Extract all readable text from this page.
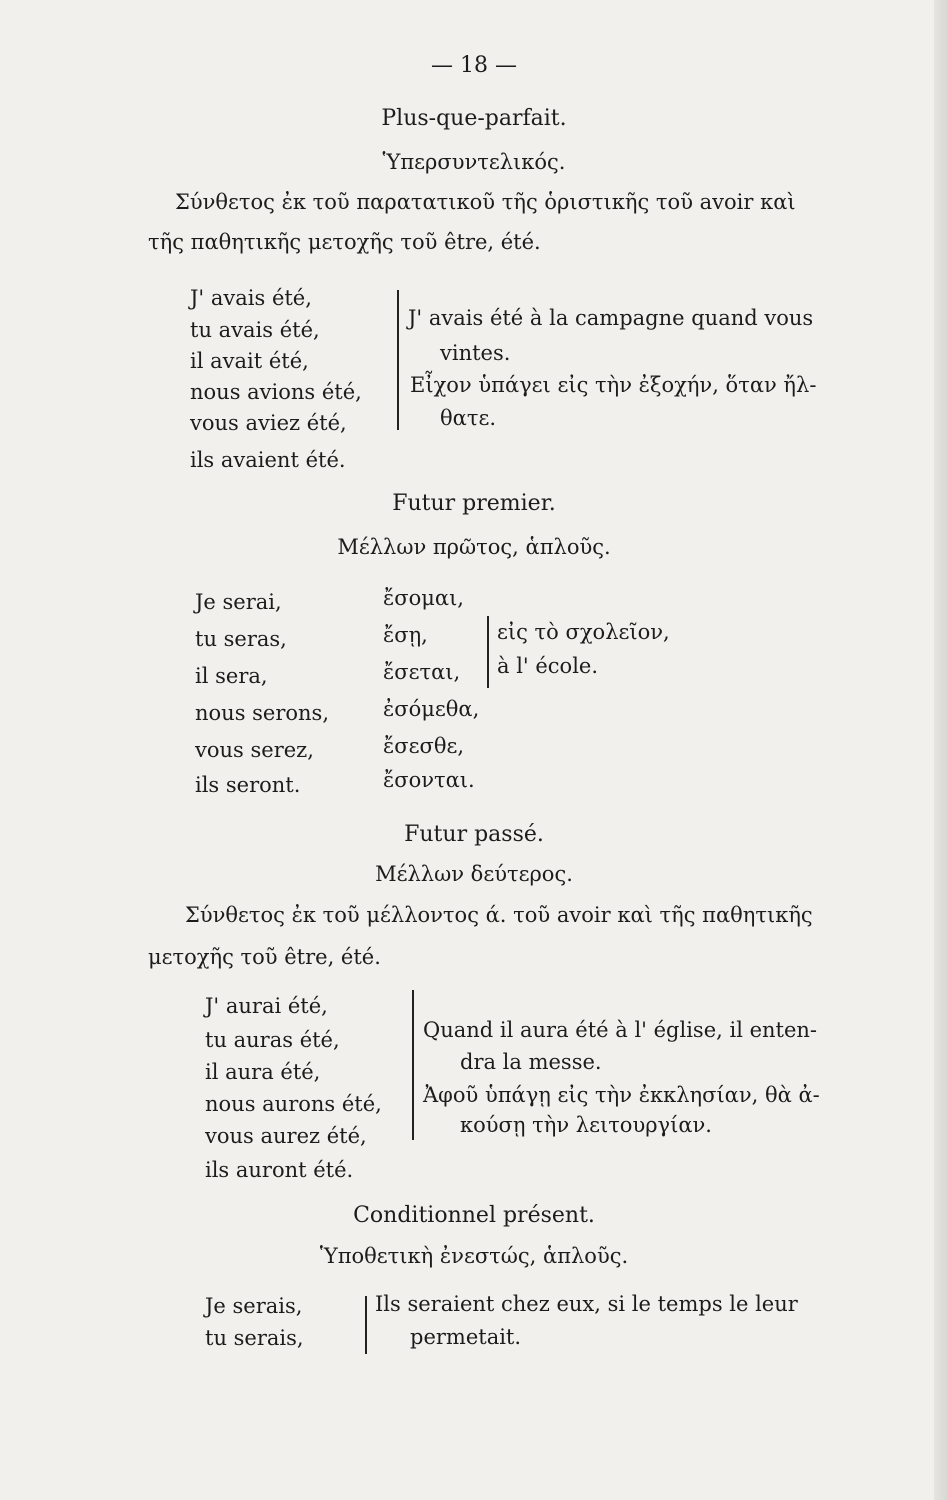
— 18 —
Plus-que-parfait.
Ὑπερσυντελικός.
Σύνθετος ἐκ τοῦ παρατατικοῦ τῆς ὁριστικῆς τοῦ avoir καὶ
τῆς παθητικῆς μετοχῆς τοῦ être, été.
J' avais été,
tu avais été,
il avait été,
nous avions été,
vous aviez été,
ils avaient été.
J' avais été à la campagne quand vous
vintes.
Εἶχον ὑπάγει εἰς τὴν ἐξοχήν, ὅταν ἤλ-
θατε.
Futur premier.
Μέλλων πρῶτος, ἁπλοῦς.
Je serai,
tu seras,
il sera,
nous serons,
vous serez,
ils seront.
ἔσομαι,
ἔσῃ,
ἔσεται,
ἐσόμεθα,
ἔσεσθε,
ἔσονται.
εἰς τὸ σχολεῖον,
à l' école.
Futur passé.
Μέλλων δεύτερος.
Σύνθετος ἐκ τοῦ μέλλοντος ά. τοῦ avoir καὶ τῆς παθητικῆς
μετοχῆς τοῦ être, été.
J' aurai été,
tu auras été,
il aura été,
nous aurons été,
vous aurez été,
ils auront été.
Quand il aura été à l' église, il enten-
dra la messe.
Ἀφοῦ ὑπάγῃ εἰς τὴν ἐκκλησίαν, θὰ ἀ-
κούσῃ τὴν λειτουργίαν.
Conditionnel présent.
Ὑποθετικὴ ἐνεστώς, ἁπλοῦς.
Je serais,
tu serais,
Ils seraient chez eux, si le temps le leur
permetait.
